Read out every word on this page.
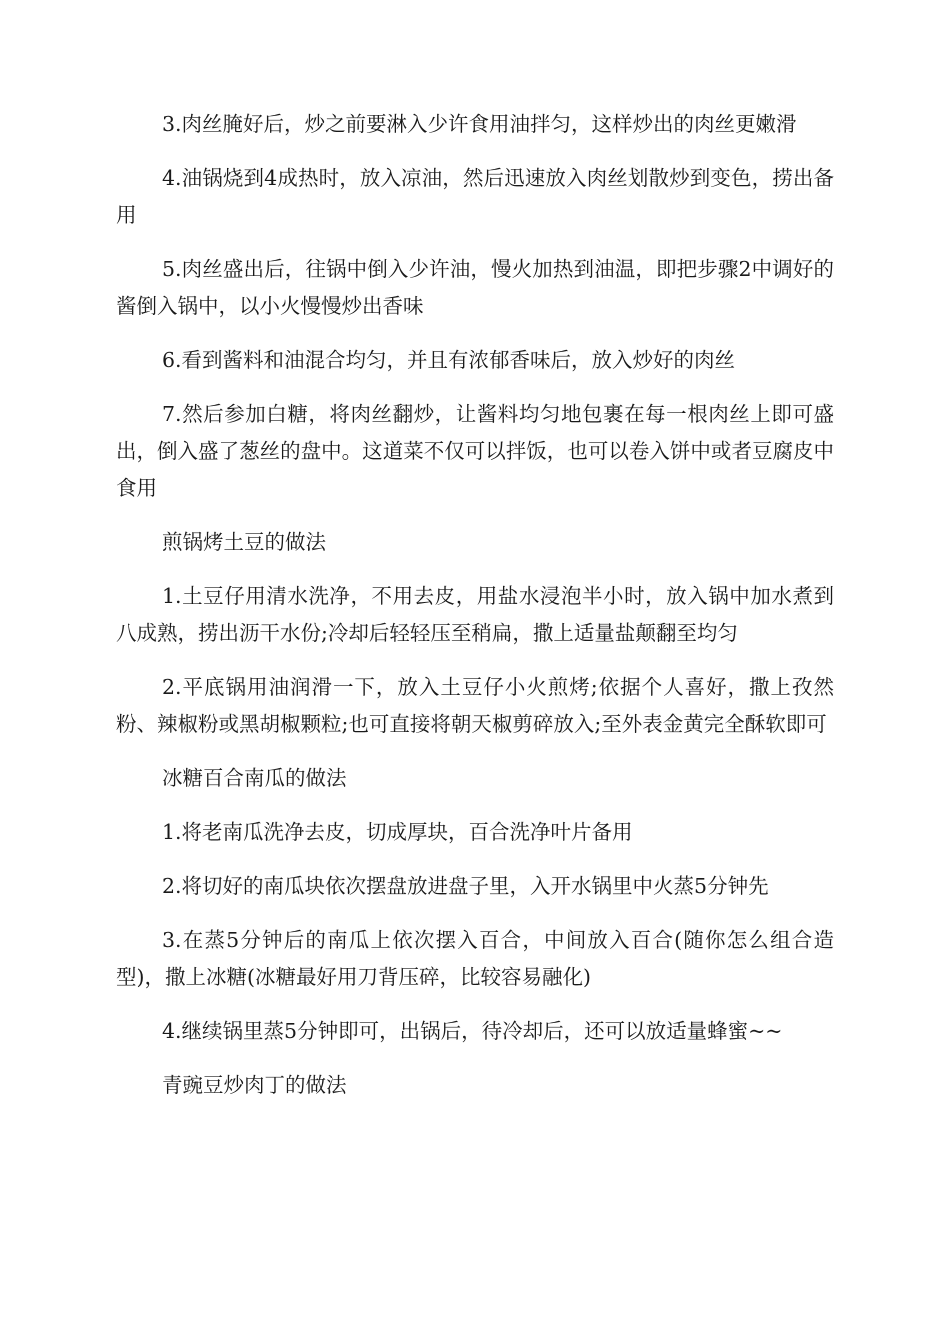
3.肉丝腌好后，炒之前要淋入少许食用油拌匀，这样炒出的肉丝更嫩滑

4.油锅烧到4成热时，放入凉油，然后迅速放入肉丝划散炒到变色，捞出备用

5.肉丝盛出后，往锅中倒入少许油，慢火加热到油温，即把步骤2中调好的酱倒入锅中，以小火慢慢炒出香味

6.看到酱料和油混合均匀，并且有浓郁香味后，放入炒好的肉丝

7.然后参加白糖，将肉丝翻炒，让酱料均匀地包裹在每一根肉丝上即可盛出，倒入盛了葱丝的盘中。这道菜不仅可以拌饭，也可以卷入饼中或者豆腐皮中食用

煎锅烤土豆的做法

1.土豆仔用清水洗净，不用去皮，用盐水浸泡半小时，放入锅中加水煮到八成熟，捞出沥干水份;冷却后轻轻压至稍扁，撒上适量盐颠翻至均匀

2.平底锅用油润滑一下，放入土豆仔小火煎烤;依据个人喜好，撒上孜然粉、辣椒粉或黑胡椒颗粒;也可直接将朝天椒剪碎放入;至外表金黄完全酥软即可

冰糖百合南瓜的做法

1.将老南瓜洗净去皮，切成厚块，百合洗净叶片备用

2.将切好的南瓜块依次摆盘放进盘子里，入开水锅里中火蒸5分钟先

3.在蒸5分钟后的南瓜上依次摆入百合，中间放入百合(随你怎么组合造型)，撒上冰糖(冰糖最好用刀背压碎，比较容易融化)

4.继续锅里蒸5分钟即可，出锅后，待冷却后，还可以放适量蜂蜜~~

青豌豆炒肉丁的做法
